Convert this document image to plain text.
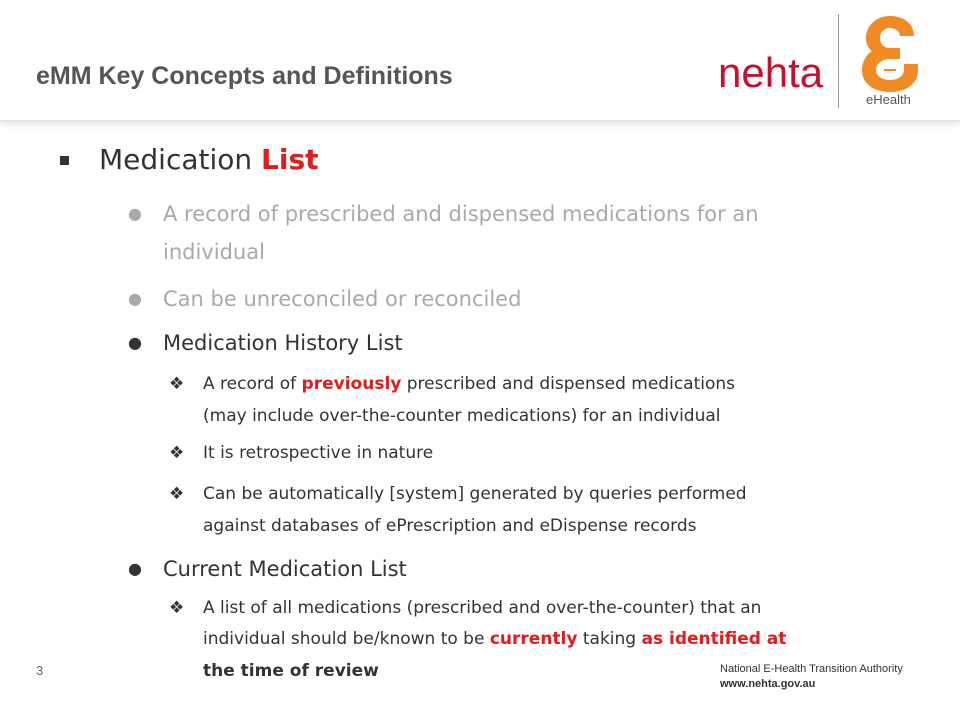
eMM Key Concepts and Definitions	nehta
eHealth
Medication List
● A record of prescribed and dispensed medications for an
individual
● Can be unreconciled or reconciled
● Medication History List
❖ A record of previously prescribed and dispensed medications
(may include over-the-counter medications) for an individual
❖ It is retrospective in nature
❖ Can be automatically [system] generated by queries performed
against databases of ePrescription and eDispense records
● Current Medication List
❖ A list of all medications (prescribed and over-the-counter) that an
individual should be/known to be currently taking as identified at
the time of review
3	National E-Health Transition Authority
www.nehta.gov.au
